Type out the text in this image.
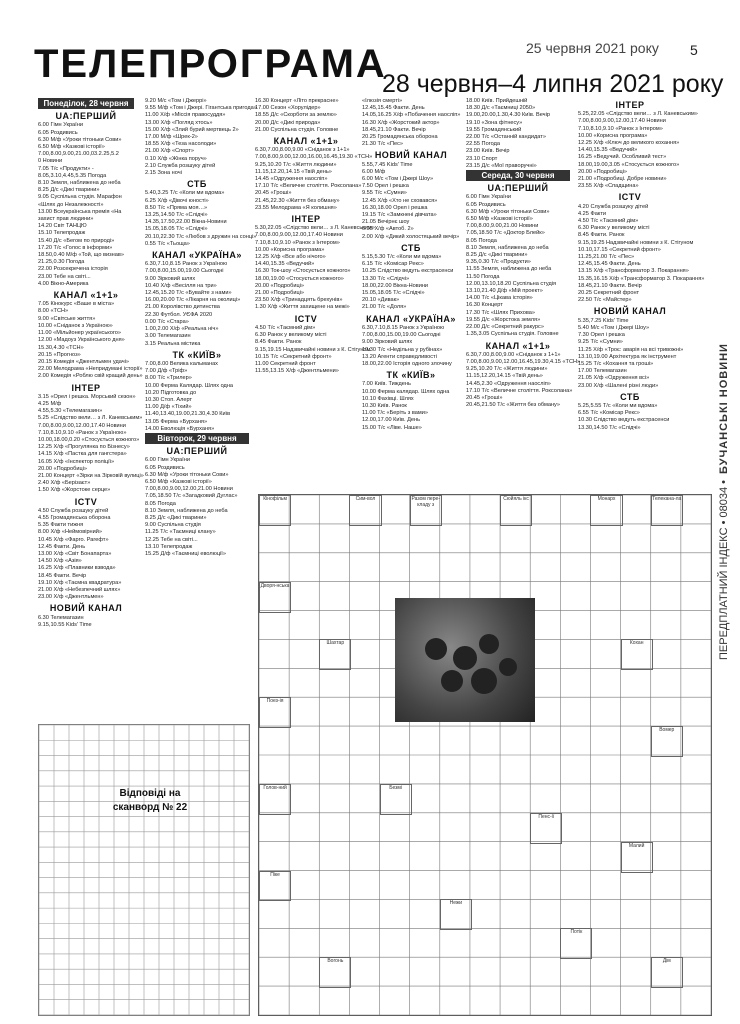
25 червня 2021 року 5
ТЕЛЕПРОГРАМА
28 червня–4 липня 2021 року
ПЕРЕДПЛАТНИЙ ІНДЕКС • 08034 •
БУЧАНСЬКІ НОВИНИ
Понеділок, 28 червня
UA:ПЕРШИЙ
6.00 Гімн України
6.05 Роздивись
6.30 М/ф «Уроки тітоньки Сови»
6.50 М/ф «Казкові історії»
7.00,8.00,9.00,21.00,03.2.25,5.2
0 Новини
7.05 Т/с «Продукти» -
8.05,3.10,4.45,5.35 Погода
8.10 Земля, наближена до неба
8.25 Д/с «Дикі тварини»
9.05 Суспільна студія. Марафон
«Шлях до Незалежності»
13.00 Всеукраїнська премія «На
захист прав людини»
14.20 Світ ТАНЦЮ
15.10 Телепродаж
15.40 Д/с «Бегом по природі»
17.20 Т/с «Голос в інформи»
18.50,0.40 М/ф «Той, що визнав»
21.25,0.30 Погода
22.00 Розсекречена історія
23.00 Тебе на світі...
4.00 Вікно-Америка
КАНАЛ «1+1»
7.05 Кінокурс «Ваше в міста»
8.00 «ТСН»
9.00 «Світське життя»
10.00 «Сніданок з Україною»
11.00 «Мільйонер українського»
12.00 «Мадоуз Українського дня»
15.30,4.30 «ТСН»
20.15 «Прогноз»
20.15 Комедія «Джентльмен удачі»
22.00 Мелодрама «Непридумані історії»
2.00 Комедія «Роблю свій кращий день»
ІНТЕР
3.15 «Орел і решка. Морський сезон»
4.25 М/ф
4.55,5.30 «Телемагазин»
5.25 «Слідство вели… з Л. Каневським»
7.00,8.00,9.00,12.00,17.40 Новини
7.10,8.10,9.10 «Ранок з Україною»
10.00,18.00,0.20 «Стосується кожного»
12.25 Х/ф «Прогулянка по Бізнесу»
14.15 Х/ф «Пастка для гангстера»
16.05 Х/ф «Інспектор поліції»
20.00 «Подробиці»
21.00 Концерт «Зірки на Зірковій вулиці»
2.40 Х/ф «Берізаєт»
1.50 Х/ф «Жорстоке серце»
ICTV
4.50 Служба розшуку дітей
4.55 Громадянська оборона
5.35 Факти тижня
8.00 Х/ф «Неймовірний»
10.45 Х/ф «Фарго. Рагефт»
12.45 Факти. День
13.00 Х/ф «Світ Бонапарта»
14.50 Х/ф «Азія»
16.25 Х/ф «Плавники взвода»
18.45 Факти. Вечір
19.10 Х/ф «Таємна квадратура»
21.00 Х/ф «Небезпечний шлях»
23.00 Х/ф «Джентльмен»
НОВИЙ КАНАЛ
6.30 Телемагазин
9.15,10.55 Kids' Time
9.20 М/с «Том і Джеррі»
9.55 М/ф «Том і Джері. Гігантська пригода»
11.00 Х/ф «Міссія правосуддя»
13.00 Х/ф «Погляд хтось»
15.00 Х/ф «Злий бурий мертвець 2»
17.00 М/ф «Шрек-2»
18.55 Х/ф «Теза насолоди»
21.00 Х/ф «Спорт»
0.10 Х/ф «Жінка поруч»
2.10 Служба розшуку дітей
2.15 Зона ночі
СТБ
5.40,3.25 Т/с «Коли ми вдома»
6.25 Х/ф «Дівочі юності»
8.50 Т/с «Пряма моя…»
13.25,14.50 Т/с «Слідчі»
14.35,17.50,22.00 Вікна-Новини
15.05,18.05 Т/с «Слідчі»
20.10,22.30 Т/с «Любов з дружин на сонці»
0.55 Т/с «Тьоща»
КАНАЛ «УКРАЇНА»
6.30,7.10,8.15 Ранок з Україною
7.00,8.00,15.00,19.00 Сьогодні
9.00 Зірковий шлях
10.40 Х/ф «Весілля на три»
12.45,15.20 Т/с «Бувайте з нами»
16.00,20.00 Т/с «Лікарня на околиці»
21.00 Королівство дитинства
22.30 Футбол. УЄФА 2020
0.00 Т/с «Стара»
1.00,2.00 Х/ф «Реальна ніч»
3.00 Телемагазин
3.15 Реальна містика
ТК «КИЇВ»
7.00,8.00 Велика кальманах
7.00 Д/ф «Тріф»
8.00 Т/с «Трилер»
10.00 Ферма Калядар. Шлях одна
10.20 Підготовка до
10.30 Стоп. Алерт
11.00 Д/ф «Тіхий»
11.40,13.40,19.00,21.30,4.30 Київ
13.05 Ферма «Бурханя»
14.00 Еволюція «Бурханя»
Вівторок, 29 червня
UA:ПЕРШИЙ
6.00 Гімн України
6.05 Роздивись
6.30 М/ф «Уроки тітоньки Сови»
6.50 М/ф «Казкові історії»
7.00,8.00,9.00,12.00,21.00 Новини
7.05,18.50 Т/с «Загадковий Дуглас»
8.05 Погода
8.10 Земля, наближена до неба
8.25 Д/с «Дикі тварини»
9.00 Суспільна студія
11.25 Т/с «Таємниці клану»
12.25 Тебе на світі...
13.10 Телепродаж
15.25 Д/ф «Таємниці еволюції»
16.30 Концерт «Літо прекрасне»
17.00 Сезон «Хорулідер»
18.55 Д/с «Скорботи за землю»
20.00 Д/с «Дикі природа»
21.00 Суспільна студія. Головне
КАНАЛ «1+1»
6.30,7.00,8.00,9.00 «Сніданок з 1+1»
7.00,8.00,9.00,12.00,16.00,16.45,19.30 «ТСН»
9.25,10.20 Т/с «Життя людини»
11.15,12.20,14.15 «Твій день»
14.45 «Одруження наосліп»
17.10 Т/с «Величне століття. Роксолана»
20.45 «Гроші»
21.45,22.30 «Життя без обману»
23.55 Мелодрама «Я колишня»
ІНТЕР
5.30,22.05 «Слідство вели… з Л. Каневським»
7.00,8.00,9.00,12.00,17.40 Новини
7.10,8.10,9.10 «Ранок з Інтером»
10.00 «Корисна програма»
12.25 Х/ф «Все або нічого»
14.40,15.35 «Ведучий»
16.30 Ток-шоу «Стосується кожного»
18.00,19.00 «Стосується кожного»
20.00 «Подробиці»
21.00 «Подробиці»
23.50 Х/ф «Тринадцять брехунів»
1.30 Х/ф «Життя захищене на межі»
ICTV
4.50 Т/с «Таємний дім»
6.30 Ранок у великому місті
8.45 Факти. Ранок
9.15,19.15 Надзвичайні новини з К. Стігуном
10.15 Т/с «Секретний фронт»
11.00 Секретний фронт
11.55,13.15 Х/ф «Джентльмени»
«Ілюзія смерті»
12.45,15.45 Факти. День
14.05,16.25 Х/ф «Побачення наосліп»
16.30 Х/ф «Жорстокий актор»
18.45,21.10 Факти. Вечір
20.25 Громадянська оборона
21.30 Т/с «Пес»
НОВИЙ КАНАЛ
5.55,7.45 Kids' Time
6.00 М/ф
6.00 М/с «Том і Джері Шоу»
7.50 Орел і решка
9.55 Т/с «Сумни»
12.45 Х/ф «Хто не сховався»
16.30,18.00 Орел і решка
19.15 Т/с «Замкнені дівчата»
21.05 Вечірнє шоу
0.05 Х/ф «Автоб. 2»
2.00 Х/ф «Дикий холостяцький вечір»
СТБ
5.15,5.30 Т/с «Коли ми вдома»
6.15 Т/с «Комісар Рекс»
10.25 Слідство ведуть екстрасенси
13.30 Т/с «Слідчі»
18.00,22.00 Вікна-Новини
15.05,18.05 Т/с «Слідчі»
20.10 «Дивак»
21.00 Т/с «Доля»
КАНАЛ «УКРАЇНА»
6.30,7.10,8.15 Ранок з Україною
7.00,8.00,15.00,19.00 Сьогодні
9.00 Зірковий шлях
10.30 Т/с «Недільна у рубінах»
13.20 Агенти справедливості
18.00,22.00 Історія одного злочину
ТК «КИЇВ»
7.00 Київ. Тиждень
10.00 Ферма калядар. Шлях одна
10.10 Фахівці. Шлях
10.30 Київ. Ранок
11.00 Т/с «Беріть з вами»
12.00,17.00 Київ. День
15.00 Т/с «Ліве. Наше»
18.00 Київ. Прийдешній
18.30 Д/с «Таємниці 2050»
19.00,20.00,1.30,4.30 Київ. Вечір
19.10 «Зона фітнесу»
19.55 Громадянський
22.00 Т/с «Останній кандидат»
22.55 Погода
23.00 Київ. Вечір
23.10 Спорт
23.15 Д/с «Мої праворучні»
Середа, 30 червня
UA:ПЕРШИЙ
6.00 Гімн України
6.05 Роздивись
6.30 М/ф «Уроки тітоньки Сови»
6.50 М/ф «Казкові історії»
7.00,8.00,9.00,21.00 Новини
7.05,18.50 Т/с «Доктор Блейк»
8.05 Погода
8.10 Земля, наближена до неба
8.25 Д/с «Дикі тварини»
9.35,0.30 Т/с «Продукти»
11.55 Земля, наближена до неба
11.50 Погода
12.00,13.10,18.20 Суспільна студія
13.10,21.40 Д/ф «Мій проект»
14.00 Т/с «Цікава історія»
16.30 Концерт
17.30 Т/с «Шлях Прихова»
19.55 Д/с «Жорстока земля»
22.00 Д/с «Секретний ракурс»
1.35,3.05 Суспільна студія. Головне
КАНАЛ «1+1»
6.30,7.00,8.00,9.00 «Сніданок з 1+1»
7.00,8.00,9.00,12.00,16.45,19.30,4.15 «ТСН»
9.25,10.20 Т/с «Життя людини»
11.15,12.20,14.15 «Твій день»
14.45,2.30 «Одруження наосліп»
17.10 Т/с «Величне століття. Роксолана»
20.45 «Гроші»
20.45,21.50 Т/с «Життя без обману»
ІНТЕР
5.25,22.05 «Слідство вели… з Л. Каневським»
7.00,8.00,9.00,12.00,17.40 Новини
7.10,8.10,9.10 «Ранок з Інтером»
10.00 «Корисна програма»
12.25 Х/ф «Ключ до великого кохання»
14.40,15.35 «Ведучий»
16.25 «Ведучий. Особливий тест»
18.00,19.00,3.05 «Стосується кожного»
20.00 «Подробиці»
21.00 «Подробиці. Добре новини»
23.55 Х/ф «Спадщина»
ICTV
4.20 Служба розшуку дітей
4.25 Факти
4.50 Т/с «Таємний дім»
6.30 Ранок у великому місті
8.45 Факти. Ранок
9.15,19.25 Надзвичайні новини з К. Стігуном
10.10,17.15 «Секретний фронт»
11.25,21.00 Т/с «Пес»
12.45,15.45 Факти. День
13.15 Х/ф «Трансформатор 3. Покарання»
15.35,16.15 Х/ф «Трансформатор 3. Покарання»
18.45,21.10 Факти. Вечір
20.25 Секретний фронт
22.50 Т/с «Майстер»
НОВИЙ КАНАЛ
5.35,7.25 Kids' Time
5.40 М/с «Том і Джері Шоу»
7.30 Орел і решка
9.25 Т/с «Сумни»
11.25 Х/ф «Троє: аварія на всі тривожні»
13.10,19.00 Архітектура як інструмент
15.25 Т/с «Кохання та гроші»
17.00 Телемагазин
21.05 Х/ф «Одруження всі»
23.00 Х/ф «Шалені різні люди»
СТБ
5.25,5.55 Т/с «Коли ми вдома»
6.55 Т/с «Комісар Рекс»
10.30 Слідство ведуть екстрасенси
13.30,14.50 Т/с «Слідчі»
Відповіді на сканворд № 22
Кінофільм	Сим-вол	Разом пере-кладу з
Сюйяль ікс	Монарх	Телекана-ла
Дворя-нська
Шахтар
Поез-ія
Кохан
Вомер
Голов-ний	Безмі
Пенс-ії
Малий
Піке
Нежи
Потік
Вогонь	Дім
